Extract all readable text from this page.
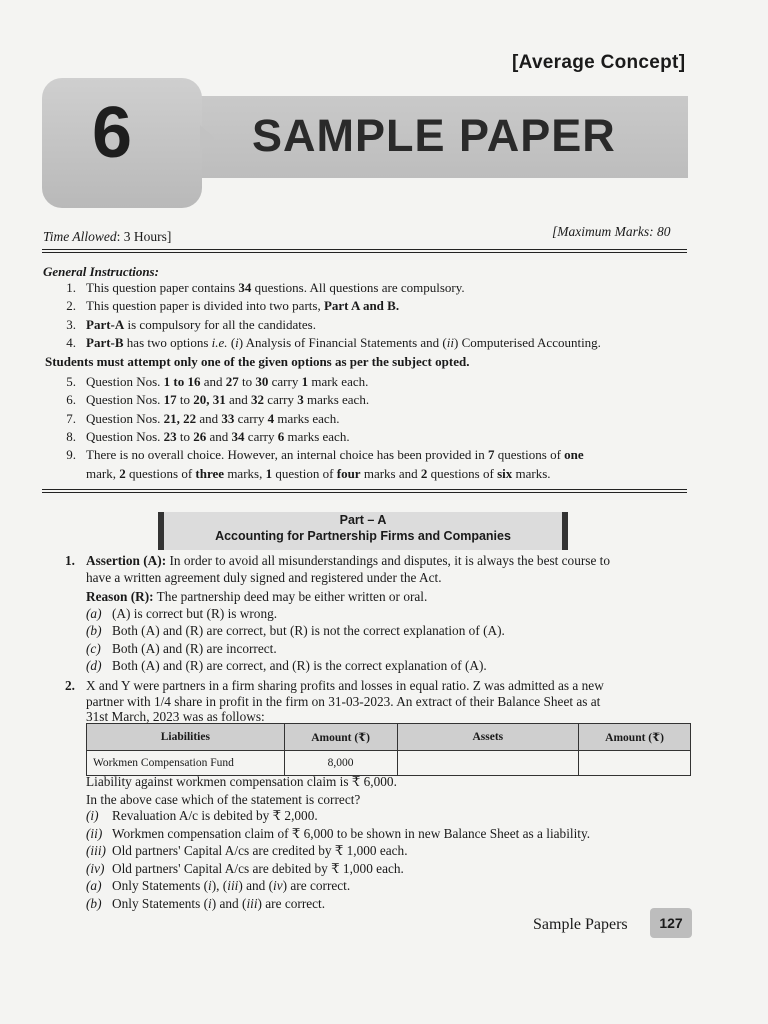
[Average Concept]
SAMPLE PAPER
6
Time Allowed: 3 Hours]	[Maximum Marks: 80
General Instructions:
1. This question paper contains 34 questions. All questions are compulsory.
2. This question paper is divided into two parts, Part A and B.
3. Part-A is compulsory for all the candidates.
4. Part-B has two options i.e. (i) Analysis of Financial Statements and (ii) Computerised Accounting.
5. Question Nos. 1 to 16 and 27 to 30 carry 1 mark each.
6. Question Nos. 17 to 20, 31 and 32 carry 3 marks each.
7. Question Nos. 21, 22 and 33 carry 4 marks each.
8. Question Nos. 23 to 26 and 34 carry 6 marks each.
9. There is no overall choice. However, an internal choice has been provided in 7 questions of one
mark, 2 questions of three marks, 1 question of four marks and 2 questions of six marks.
Students must attempt only one of the given options as per the subject opted.
Part – A
Accounting for Partnership Firms and Companies
1. Assertion (A): In order to avoid all misunderstandings and disputes, it is always the best course to
have a written agreement duly signed and registered under the Act.
Reason (R): The partnership deed may be either written or oral.
(a) (A) is correct but (R) is wrong.
(b) Both (A) and (R) are correct, but (R) is not the correct explanation of (A).
(c) Both (A) and (R) are incorrect.
(d) Both (A) and (R) are correct, and (R) is the correct explanation of (A).
2. X and Y were partners in a firm sharing profits and losses in equal ratio. Z was admitted as a new
partner with 1/4 share in profit in the firm on 31-03-2023. An extract of their Balance Sheet as at
31st March, 2023 was as follows:
Liabilities	Amount (₹)	Assets	Amount (₹)
Workmen Compensation Fund	8,000		
Liability against workmen compensation claim is ₹ 6,000.
In the above case which of the statement is correct?
(i) Revaluation A/c is debited by ₹ 2,000.
(ii) Workmen compensation claim of ₹ 6,000 to be shown in new Balance Sheet as a liability.
(iii) Old partners' Capital A/cs are credited by ₹ 1,000 each.
(iv) Old partners' Capital A/cs are debited by ₹ 1,000 each.
(a) Only Statements (i), (iii) and (iv) are correct.
(b) Only Statements (i) and (iii) are correct.
Sample Papers	127
